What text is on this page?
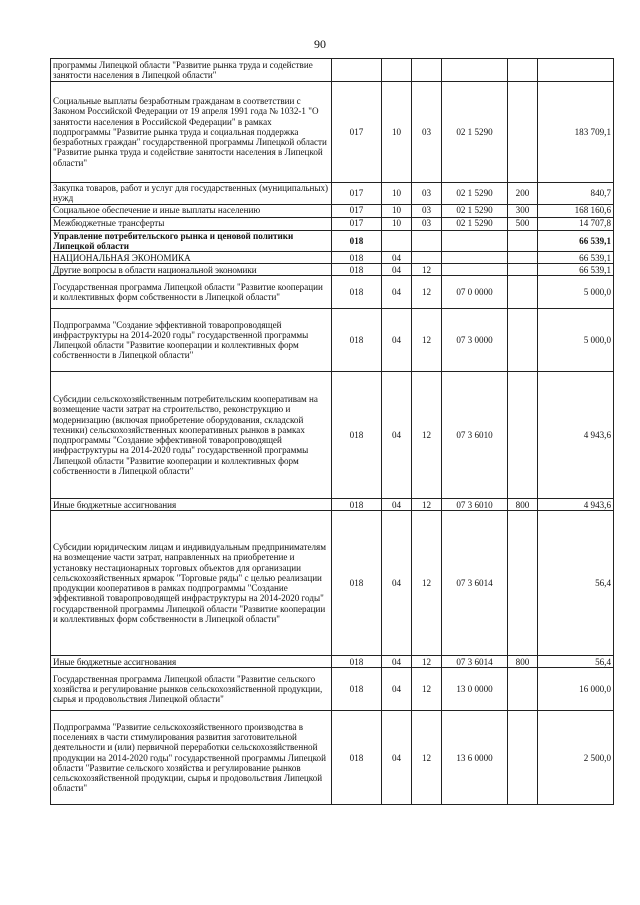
90
программы Липецкой области "Развитие рынка труда и содействие занятости населения в Липецкой области"						
Социальные выплаты безработным гражданам в соответствии с Законом Российской Федерации от 19 апреля 1991 года № 1032-1 "О занятости населения в Российской Федерации" в рамках подпрограммы "Развитие рынка труда и социальная поддержка безработных граждан" государственной программы Липецкой области "Развитие рынка труда и содействие занятости населения в Липецкой области"	017	10	03	02 1 5290		183 709,1
Закупка товаров, работ и услуг для государственных (муниципальных) нужд	017	10	03	02 1 5290	200	840,7
Социальное обеспечение и иные выплаты населению	017	10	03	02 1 5290	300	168 160,6
Межбюджетные трансферты	017	10	03	02 1 5290	500	14 707,8
Управление потребительского рынка и ценовой политики Липецкой области	018					66 539,1
НАЦИОНАЛЬНАЯ ЭКОНОМИКА	018	04				66 539,1
Другие вопросы в области национальной экономики	018	04	12			66 539,1
Государственная программа Липецкой области "Развитие кооперации и коллективных форм собственности в Липецкой области"	018	04	12	07 0 0000		5 000,0
Подпрограмма "Создание эффективной товаропроводящей инфраструктуры на 2014-2020 годы" государственной программы Липецкой области "Развитие кооперации и коллективных форм собственности в Липецкой области"	018	04	12	07 3 0000		5 000,0
Субсидии сельскохозяйственным потребительским кооперативам на возмещение части затрат на строительство, реконструкцию и модернизацию (включая приобретение оборудования, складской техники) сельскохозяйственных кооперативных рынков в рамках подпрограммы "Создание эффективной товаропроводящей инфраструктуры на 2014-2020 годы" государственной программы Липецкой области "Развитие кооперации и коллективных форм собственности в Липецкой области"	018	04	12	07 3 6010		4 943,6
Иные бюджетные ассигнования	018	04	12	07 3 6010	800	4 943,6
Субсидии юридическим лицам и индивидуальным предпринимателям на возмещение части затрат, направленных на приобретение и установку нестационарных торговых объектов для организации сельскохозяйственных ярмарок "Торговые ряды" с целью реализации продукции кооперативов в рамках подпрограммы "Создание эффективной товаропроводящей инфраструктуры на 2014-2020 годы" государственной программы Липецкой области "Развитие кооперации и коллективных форм собственности в Липецкой области"	018	04	12	07 3 6014		56,4
Иные бюджетные ассигнования	018	04	12	07 3 6014	800	56,4
Государственная программа Липецкой области "Развитие сельского хозяйства и регулирование рынков сельскохозяйственной продукции, сырья и продовольствия Липецкой области"	018	04	12	13 0 0000		16 000,0
Подпрограмма "Развитие сельскохозяйственного производства в поселениях в части стимулирования развития заготовительной деятельности и (или) первичной переработки сельскохозяйственной продукции на 2014-2020 годы" государственной программы Липецкой области "Развитие сельского хозяйства и регулирование рынков сельскохозяйственной продукции, сырья и продовольствия Липецкой области"	018	04	12	13 6 0000		2 500,0
